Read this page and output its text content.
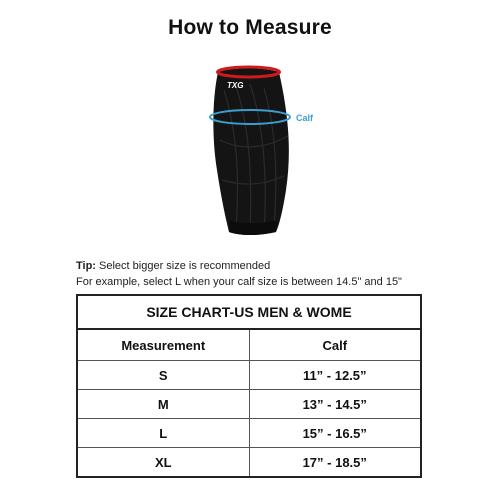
How to Measure
TXG
Calf
Tip: Select bigger size is recommended
For example, select L when your calf size is between 14.5" and 15"
SIZE CHART-US MEN & WOME	
Measurement	Calf
S	11” - 12.5”
M	13” - 14.5”
L	15” - 16.5”
XL	17” - 18.5”
